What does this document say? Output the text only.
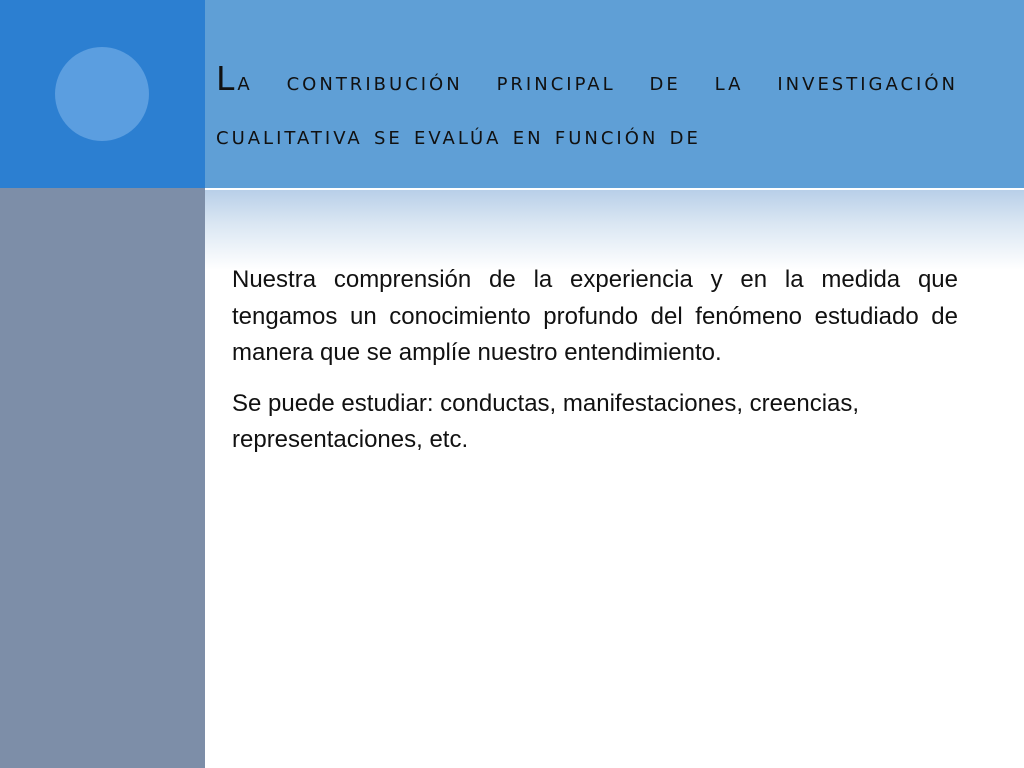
La contribución principal de la investigación cualitativa se evalúa en función de

Nuestra comprensión de la experiencia y en la medida que tengamos un conocimiento profundo del fenómeno estudiado de manera que se amplíe nuestro entendimiento.

Se puede estudiar: conductas, manifestaciones, creencias, representaciones, etc.
